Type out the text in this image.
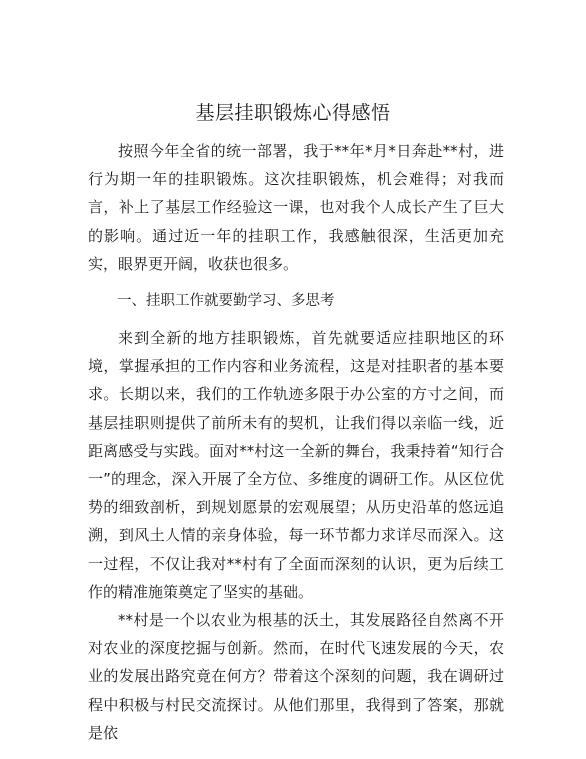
基层挂职锻炼心得感悟

按照今年全省的统一部署，我于**年*月*日奔赴**村，进行为期一年的挂职锻炼。这次挂职锻炼，机会难得；对我而言，补上了基层工作经验这一课，也对我个人成长产生了巨大的影响。通过近一年的挂职工作，我感触很深，生活更加充实，眼界更开阔，收获也很多。

一、挂职工作就要勤学习、多思考

来到全新的地方挂职锻炼，首先就要适应挂职地区的环境，掌握承担的工作内容和业务流程，这是对挂职者的基本要求。长期以来，我们的工作轨迹多限于办公室的方寸之间，而基层挂职则提供了前所未有的契机，让我们得以亲临一线，近距离感受与实践。面对**村这一全新的舞台，我秉持着“知行合一”的理念，深入开展了全方位、多维度的调研工作。从区位优势的细致剖析，到规划愿景的宏观展望；从历史沿革的悠远追溯，到风土人情的亲身体验，每一环节都力求详尽而深入。这一过程，不仅让我对**村有了全面而深刻的认识，更为后续工作的精准施策奠定了坚实的基础。

**村是一个以农业为根基的沃土，其发展路径自然离不开对农业的深度挖掘与创新。然而，在时代飞速发展的今天，农业的发展出路究竟在何方？带着这个深刻的问题，我在调研过程中积极与村民交流探讨。从他们那里，我得到了答案，那就是依
